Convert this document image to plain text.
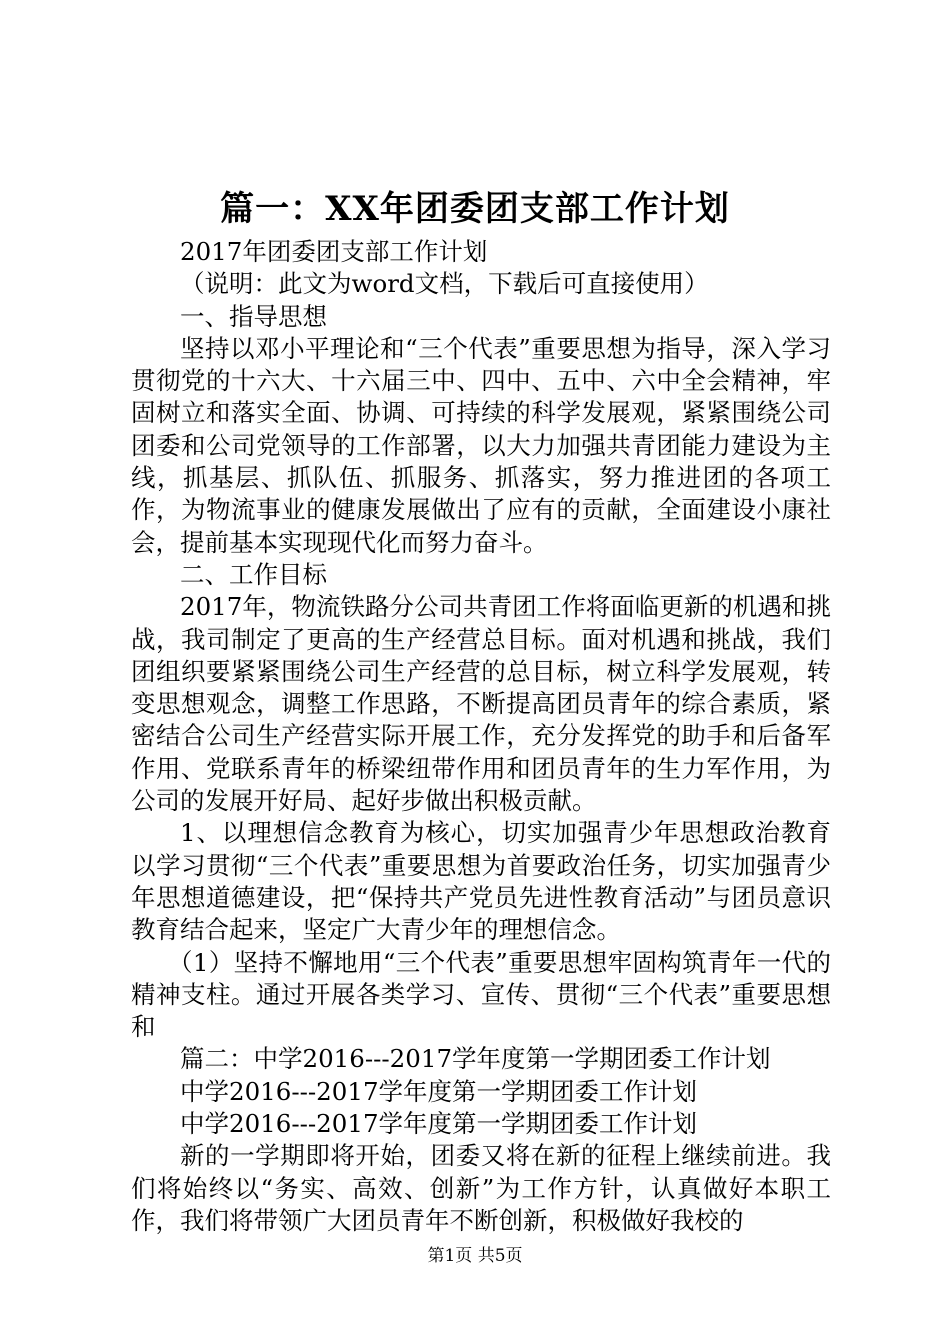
篇一：XX年团委团支部工作计划

2017年团委团支部工作计划

（说明：此文为word文档，下载后可直接使用）

一、指导思想

坚持以邓小平理论和“三个代表”重要思想为指导，深入学习贯彻党的十六大、十六届三中、四中、五中、六中全会精神，牢固树立和落实全面、协调、可持续的科学发展观，紧紧围绕公司团委和公司党领导的工作部署，以大力加强共青团能力建设为主线，抓基层、抓队伍、抓服务、抓落实，努力推进团的各项工作，为物流事业的健康发展做出了应有的贡献，全面建设小康社会，提前基本实现现代化而努力奋斗。

二、工作目标

2017年，物流铁路分公司共青团工作将面临更新的机遇和挑战，我司制定了更高的生产经营总目标。面对机遇和挑战，我们团组织要紧紧围绕公司生产经营的总目标，树立科学发展观，转变思想观念，调整工作思路，不断提高团员青年的综合素质，紧密结合公司生产经营实际开展工作，充分发挥党的助手和后备军作用、党联系青年的桥梁纽带作用和团员青年的生力军作用，为公司的发展开好局、起好步做出积极贡献。

1、以理想信念教育为核心，切实加强青少年思想政治教育以学习贯彻“三个代表”重要思想为首要政治任务，切实加强青少年思想道德建设，把“保持共产党员先进性教育活动”与团员意识教育结合起来，坚定广大青少年的理想信念。

（1）坚持不懈地用“三个代表”重要思想牢固构筑青年一代的精神支柱。通过开展各类学习、宣传、贯彻“三个代表”重要思想和

篇二：中学2016---2017学年度第一学期团委工作计划

中学2016---2017学年度第一学期团委工作计划

中学2016---2017学年度第一学期团委工作计划

新的一学期即将开始，团委又将在新的征程上继续前进。我们将始终以“务实、高效、创新”为工作方针，认真做好本职工作，我们将带领广大团员青年不断创新，积极做好我校的

第1页 共5页
